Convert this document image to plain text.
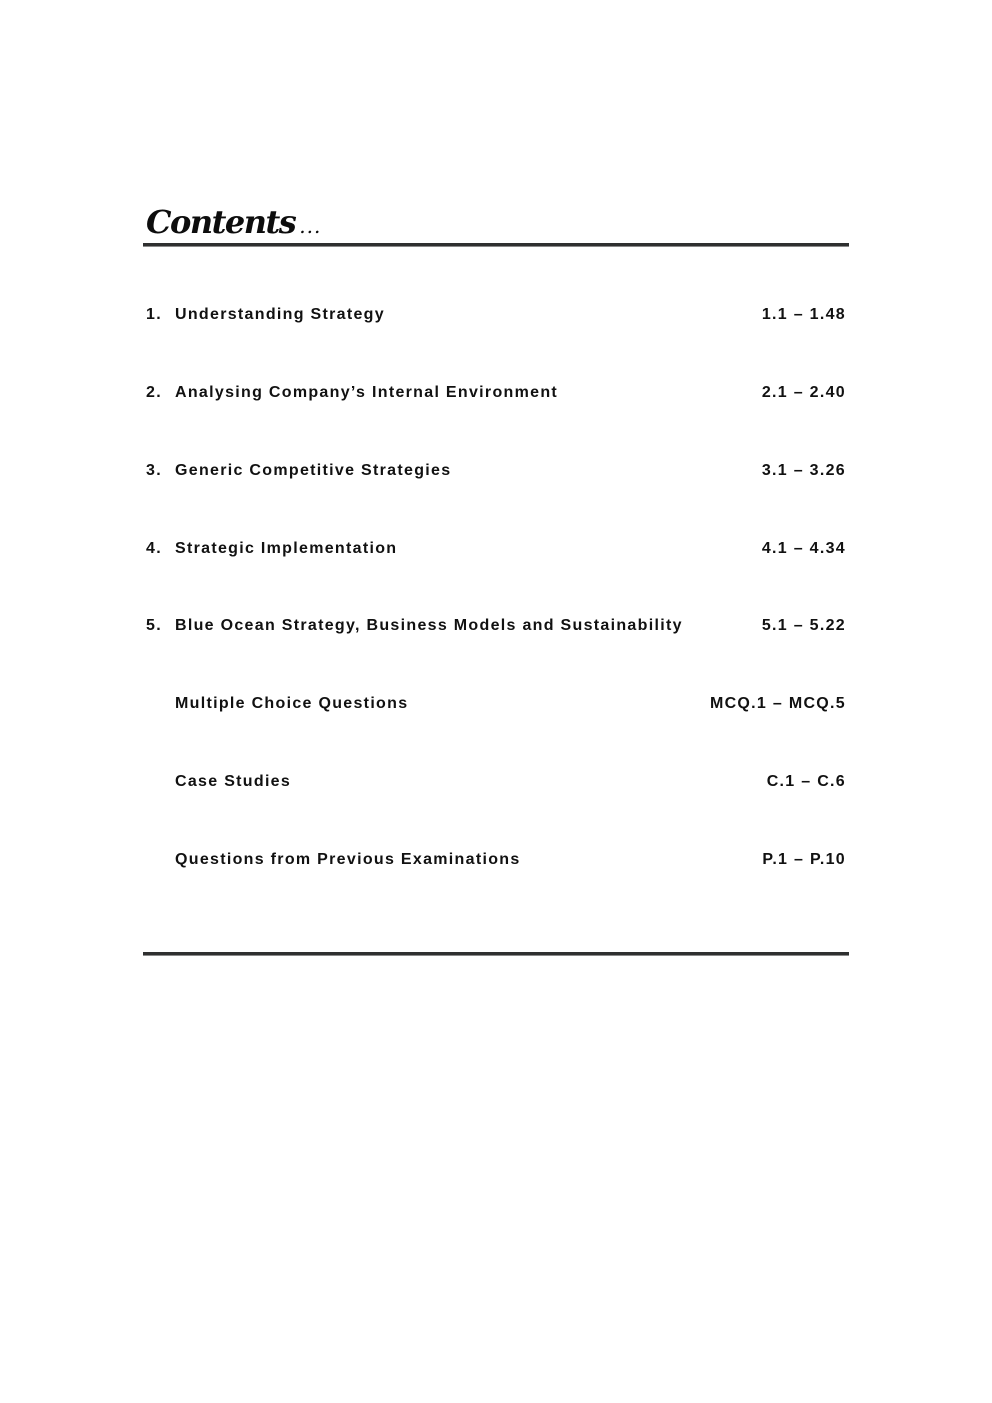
Contents ...
1. Understanding Strategy	1.1 – 1.48
2. Analysing Company’s Internal Environment	2.1 – 2.40
3. Generic Competitive Strategies	3.1 – 3.26
4. Strategic Implementation	4.1 – 4.34
5. Blue Ocean Strategy, Business Models and Sustainability	5.1 – 5.22
Multiple Choice Questions	MCQ.1 – MCQ.5
Case Studies	C.1 – C.6
Questions from Previous Examinations	P.1 – P.10
